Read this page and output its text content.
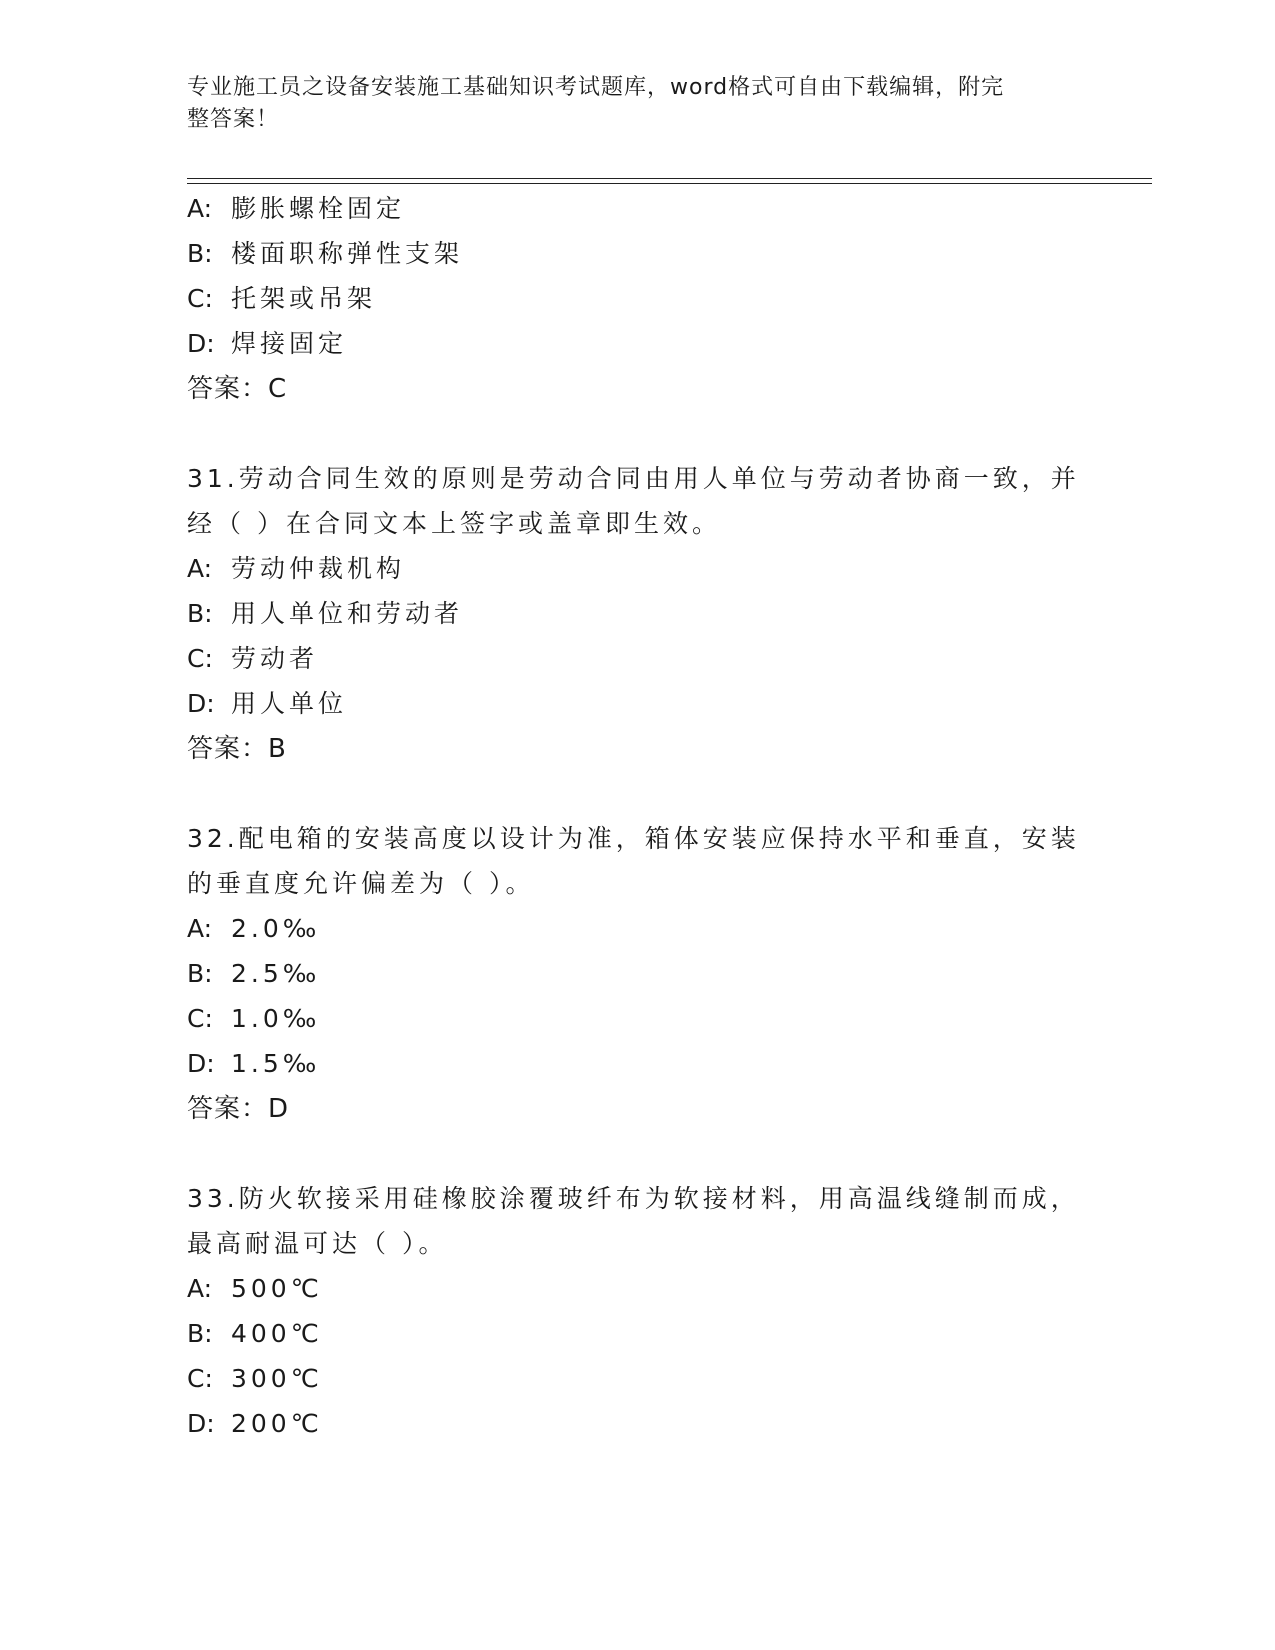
专业施工员之设备安装施工基础知识考试题库，word格式可自由下载编辑，附完
整答案！
A: 膨胀螺栓固定
B: 楼面职称弹性支架
C: 托架或吊架
D: 焊接固定
答案：C
31.劳动合同生效的原则是劳动合同由用人单位与劳动者协商一致，并
经（ ）在合同文本上签字或盖章即生效。
A: 劳动仲裁机构
B: 用人单位和劳动者
C: 劳动者
D: 用人单位
答案：B
32.配电箱的安装高度以设计为准，箱体安装应保持水平和垂直，安装
的垂直度允许偏差为（ ）。
A: 2.0‰
B: 2.5‰
C: 1.0‰
D: 1.5‰
答案：D
33.防火软接采用硅橡胶涂覆玻纤布为软接材料，用高温线缝制而成，
最高耐温可达（ ）。
A: 500℃
B: 400℃
C: 300℃
D: 200℃
